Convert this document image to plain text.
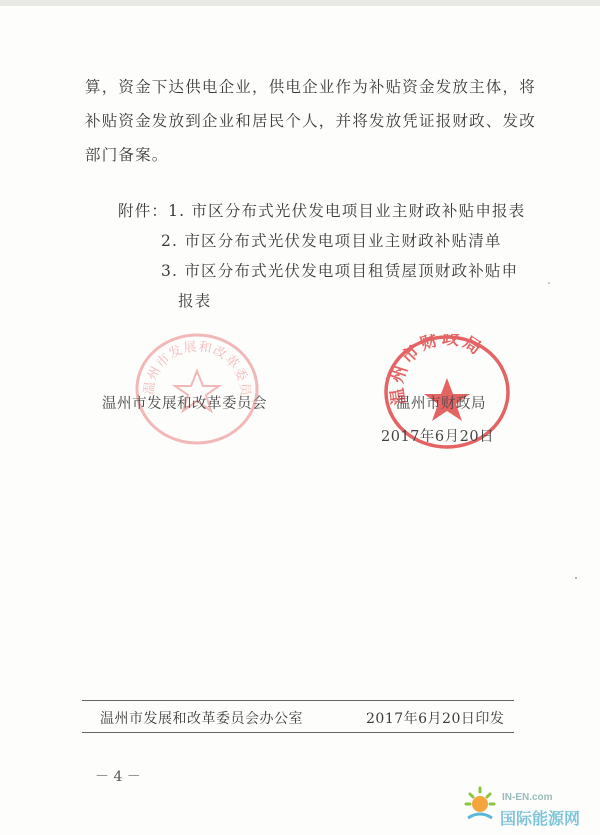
算，资金下达供电企业，供电企业作为补贴资金发放主体，将

补贴资金发放到企业和居民个人，并将发放凭证报财政、发改

部门备案。

附件：1. 市区分布式光伏发电项目业主财政补贴申报表
2. 市区分布式光伏发电项目业主财政补贴清单
3. 市区分布式光伏发电项目租赁屋顶财政补贴申
报表
温州市发展和改革委员	温州市财政局
温州市发展和改革委员会	温州市财政局
2017年6月20日
温州市发展和改革委员会办公室	2017年6月20日印发
－ 4 －
IN-EN.com
国际能源网
